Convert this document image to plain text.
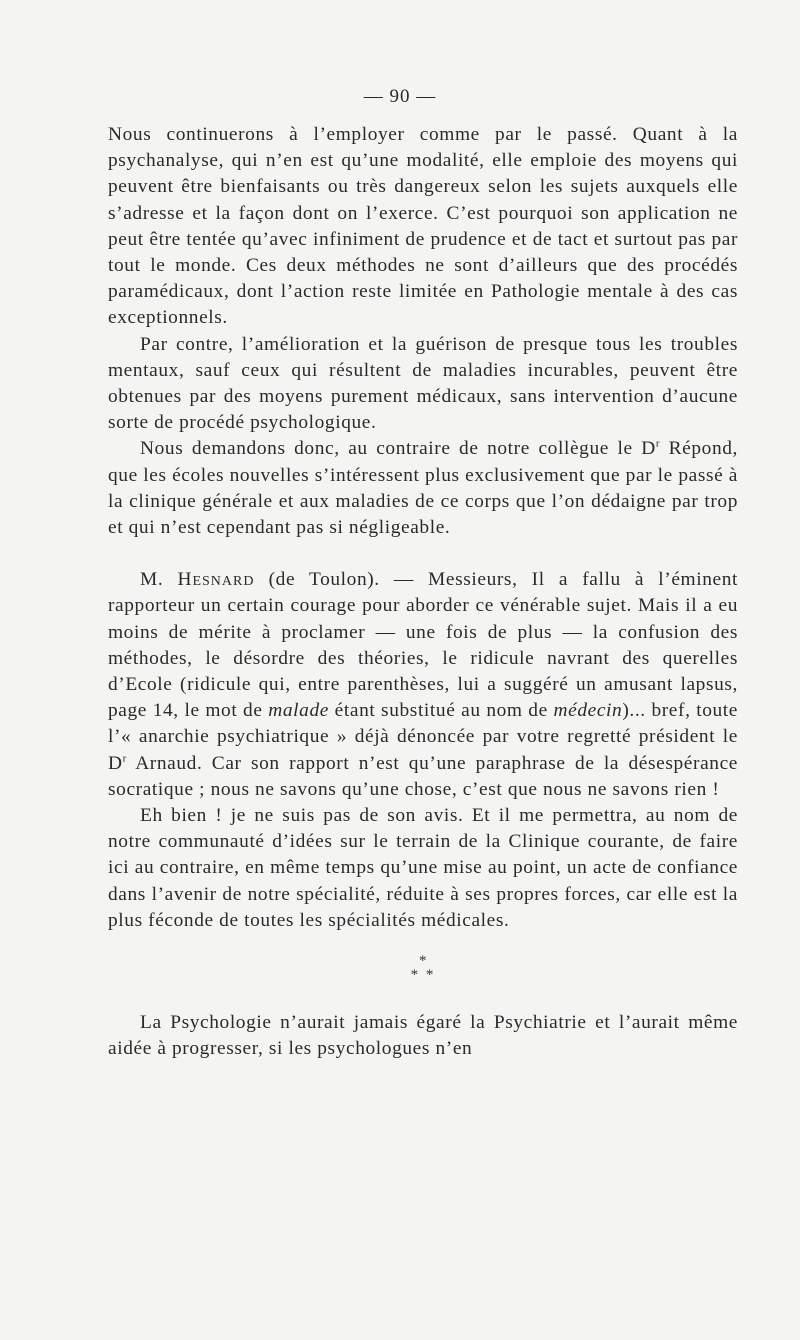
— 90 —

Nous continuerons à l’employer comme par le passé. Quant à la psychanalyse, qui n’en est qu’une modalité, elle emploie des moyens qui peuvent être bienfaisants ou très dangereux selon les sujets auxquels elle s’adresse et la façon dont on l’exerce. C’est pourquoi son application ne peut être tentée qu’avec infiniment de prudence et de tact et surtout pas par tout le monde. Ces deux méthodes ne sont d’ailleurs que des procédés paramédicaux, dont l’action reste limitée en Pathologie mentale à des cas exceptionnels.

Par contre, l’amélioration et la guérison de presque tous les troubles mentaux, sauf ceux qui résultent de maladies incurables, peuvent être obtenues par des moyens purement médicaux, sans intervention d’aucune sorte de procédé psychologique.

Nous demandons donc, au contraire de notre collègue le $D^r$ Répond, que les écoles nouvelles s’intéressent plus exclusivement que par le passé à la clinique générale et aux maladies de ce corps que l’on dédaigne par trop et qui n’est cependant pas si négligeable.

M. Hesnard (de Toulon). — Messieurs, Il a fallu à l’éminent rapporteur un certain courage pour aborder ce vénérable sujet. Mais il a eu moins de mérite à proclamer — une fois de plus — la confusion des méthodes, le désordre des théories, le ridicule navrant des querelles d’Ecole (ridicule qui, entre parenthèses, lui a suggéré un amusant lapsus, page 14, le mot de malade étant substitué au nom de médecin)... bref, toute l’« anarchie psychiatrique » déjà dénoncée par votre regretté président le $D^r$ Arnaud. Car son rapport n’est qu’une paraphrase de la désespérance socratique ; nous ne savons qu’une chose, c’est que nous ne savons rien !

Eh bien ! je ne suis pas de son avis. Et il me permettra, au nom de notre communauté d’idées sur le terrain de la Clinique courante, de faire ici au contraire, en même temps qu’une mise au point, un acte de confiance dans l’avenir de notre spécialité, réduite à ses propres forces, car elle est la plus féconde de toutes les spécialités médicales.

*
* *

La Psychologie n’aurait jamais égaré la Psychiatrie et l’aurait même aidée à progresser, si les psychologues n’en
